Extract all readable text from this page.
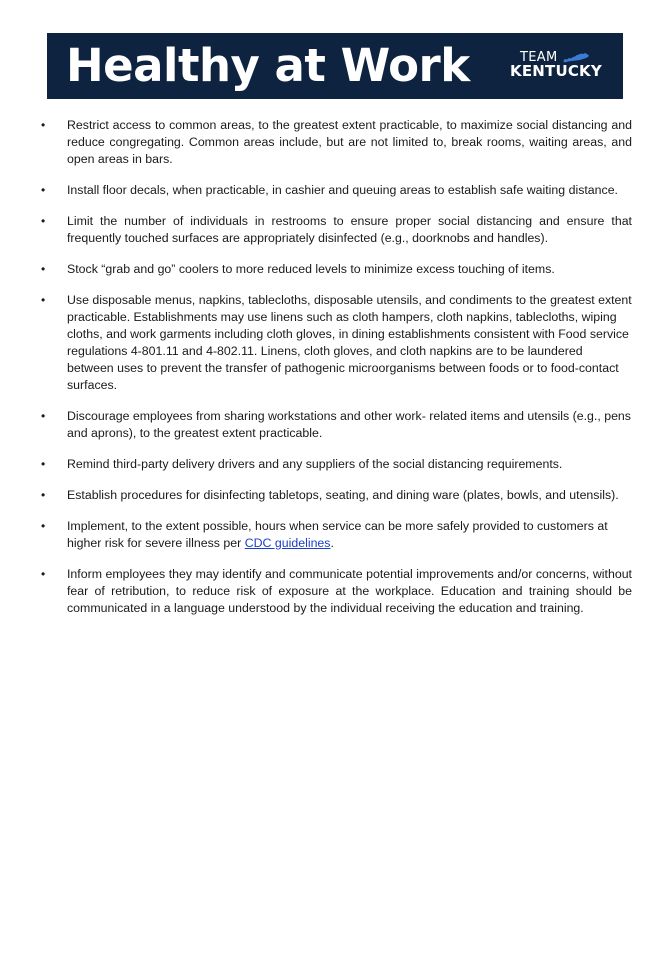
Healthy at Work	TEAM
KENTUCKY
• Restrict access to common areas, to the greatest extent practicable, to maximize social distancing and reduce congregating. Common areas include, but are not limited to, break rooms, waiting areas, and open areas in bars.
• Install floor decals, when practicable, in cashier and queuing areas to establish safe waiting distance.
• Limit the number of individuals in restrooms to ensure proper social distancing and ensure that frequently touched surfaces are appropriately disinfected (e.g., doorknobs and handles).
• Stock “grab and go” coolers to more reduced levels to minimize excess touching of items.
• Use disposable menus, napkins, tablecloths, disposable utensils, and condiments to the greatest extent practicable. Establishments may use linens such as cloth hampers, cloth napkins, tablecloths, wiping cloths, and work garments including cloth gloves, in dining establishments consistent with Food service regulations 4-801.11 and 4-802.11. Linens, cloth gloves, and cloth napkins are to be laundered between uses to prevent the transfer of pathogenic microorganisms between foods or to food-contact surfaces.
• Discourage employees from sharing workstations and other work- related items and utensils (e.g., pens and aprons), to the greatest extent practicable.
• Remind third-party delivery drivers and any suppliers of the social distancing requirements.
• Establish procedures for disinfecting tabletops, seating, and dining ware (plates, bowls, and utensils).
• Implement, to the extent possible, hours when service can be more safely provided to customers at higher risk for severe illness per CDC guidelines.
• Inform employees they may identify and communicate potential improvements and/or concerns, without fear of retribution, to reduce risk of exposure at the workplace. Education and training should be communicated in a language understood by the individual receiving the education and training.
